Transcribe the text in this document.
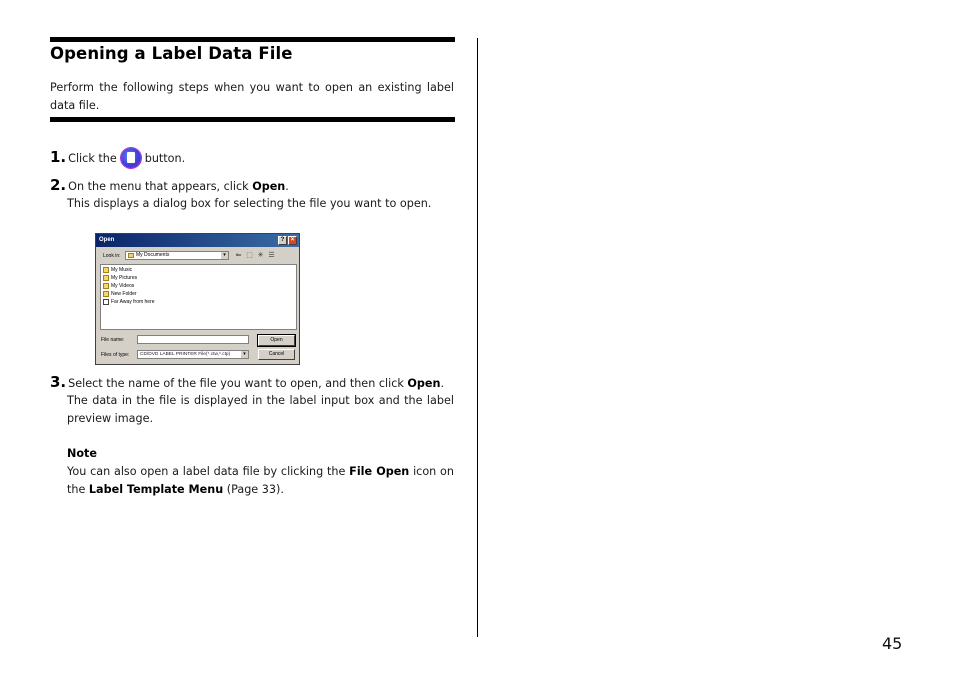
Opening a Label Data File
Perform the following steps when you want to open an existing label data file.
1. Click the	button.
2. On the menu that appears, click Open.
This displays a dialog box for selecting the file you want to open.
Open	?	×
Look in:	My Documents	▾	⇐ ⬚ ✳ ☰
My Music
My Pictures
My Videos
New Folder
Far Away from here
File name:
Files of type:	CD/DVD LABEL PRINTER File(*.ctw,*.ctp)	▾
Open
Cancel
3. Select the name of the file you want to open, and then click Open.
The data in the file is displayed in the label input box and the label preview image.
Note
You can also open a label data file by clicking the File Open icon on the Label Template Menu (Page 33).
45
